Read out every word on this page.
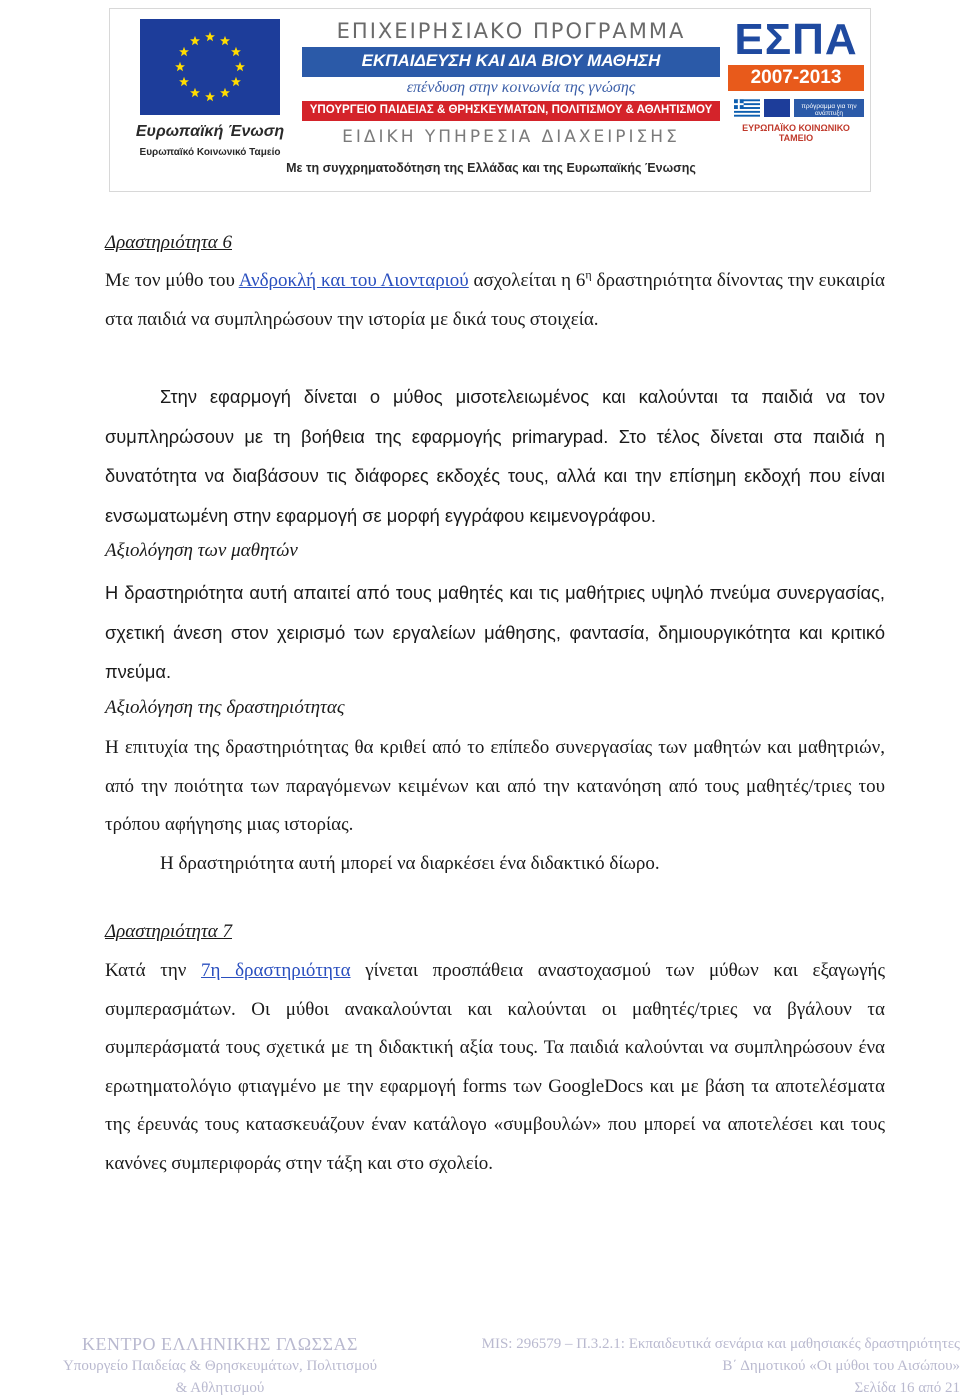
Ευρωπαϊκή Ένωση
Ευρωπαϊκό Κοινωνικό Ταμείο
ΕΠΙΧΕΙΡΗΣΙΑΚΟ ΠΡΟΓΡΑΜΜΑ
ΕΚΠΑΙΔΕΥΣΗ ΚΑΙ ΔΙΑ ΒΙΟΥ ΜΑΘΗΣΗ
επένδυση στην κοινωνία της γνώσης
ΥΠΟΥΡΓΕΙΟ ΠΑΙΔΕΙΑΣ & ΘΡΗΣΚΕΥΜΑΤΩΝ, ΠΟΛΙΤΙΣΜΟΥ & ΑΘΛΗΤΙΣΜΟΥ
ΕΙΔΙΚΗ ΥΠΗΡΕΣΙΑ ΔΙΑΧΕΙΡΙΣΗΣ
ΕΣΠΑ
2007-2013
πρόγραμμα για την ανάπτυξη
ΕΥΡΩΠΑΪΚΟ ΚΟΙΝΩΝΙΚΟ ΤΑΜΕΙΟ
Με τη συγχρηματοδότηση της Ελλάδας και της Ευρωπαϊκής Ένωσης

Δραστηριότητα 6

Με τον μύθο του Ανδροκλή και του Λιονταριού ασχολείται η $6^\eta$ δραστηριότητα δίνοντας την ευκαιρία στα παιδιά να συμπληρώσουν την ιστορία με δικά τους στοιχεία.

Στην εφαρμογή δίνεται ο μύθος μισοτελειωμένος και καλούνται τα παιδιά να τον συμπληρώσουν με τη βοήθεια της εφαρμογής primarypad. Στο τέλος δίνεται στα παιδιά η δυνατότητα να διαβάσουν τις διάφορες εκδοχές τους, αλλά και την επίσημη εκδοχή που είναι ενσωματωμένη στην εφαρμογή σε μορφή εγγράφου κειμενογράφου.

Αξιολόγηση των μαθητών

Η δραστηριότητα αυτή απαιτεί από τους μαθητές και τις μαθήτριες υψηλό πνεύμα συνεργασίας, σχετική άνεση στον χειρισμό των εργαλείων μάθησης, φαντασία, δημιουργικότητα και κριτικό πνεύμα.

Αξιολόγηση της δραστηριότητας

Η επιτυχία της δραστηριότητας θα κριθεί από το επίπεδο συνεργασίας των μαθητών και μαθητριών, από την ποιότητα των παραγόμενων κειμένων και από την κατανόηση από τους μαθητές/τριες του τρόπου αφήγησης μιας ιστορίας.

Η δραστηριότητα αυτή μπορεί να διαρκέσει ένα διδακτικό δίωρο.

Δραστηριότητα 7

Κατά την 7η δραστηριότητα γίνεται προσπάθεια αναστοχασμού των μύθων και εξαγωγής συμπερασμάτων. Οι μύθοι ανακαλούνται και καλούνται οι μαθητές/τριες να βγάλουν τα συμπεράσματά τους σχετικά με τη διδακτική αξία τους. Τα παιδιά καλούνται να συμπληρώσουν ένα ερωτηματολόγιο φτιαγμένο με την εφαρμογή forms των GoogleDocs και με βάση τα αποτελέσματα της έρευνάς τους κατασκευάζουν έναν κατάλογο «συμβουλών» που μπορεί να αποτελέσει και τους κανόνες συμπεριφοράς στην τάξη και στο σχολείο.

ΚΕΝΤΡΟ ΕΛΛΗΝΙΚΗΣ ΓΛΩΣΣΑΣ
Υπουργείο Παιδείας & Θρησκευμάτων, Πολιτισμού
& Αθλητισμού
MIS: 296579 – Π.3.2.1: Εκπαιδευτικά σενάρια και μαθησιακές δραστηριότητες
Β΄ Δημοτικού «Οι μύθοι του Αισώπου»
Σελίδα 16 από 21
